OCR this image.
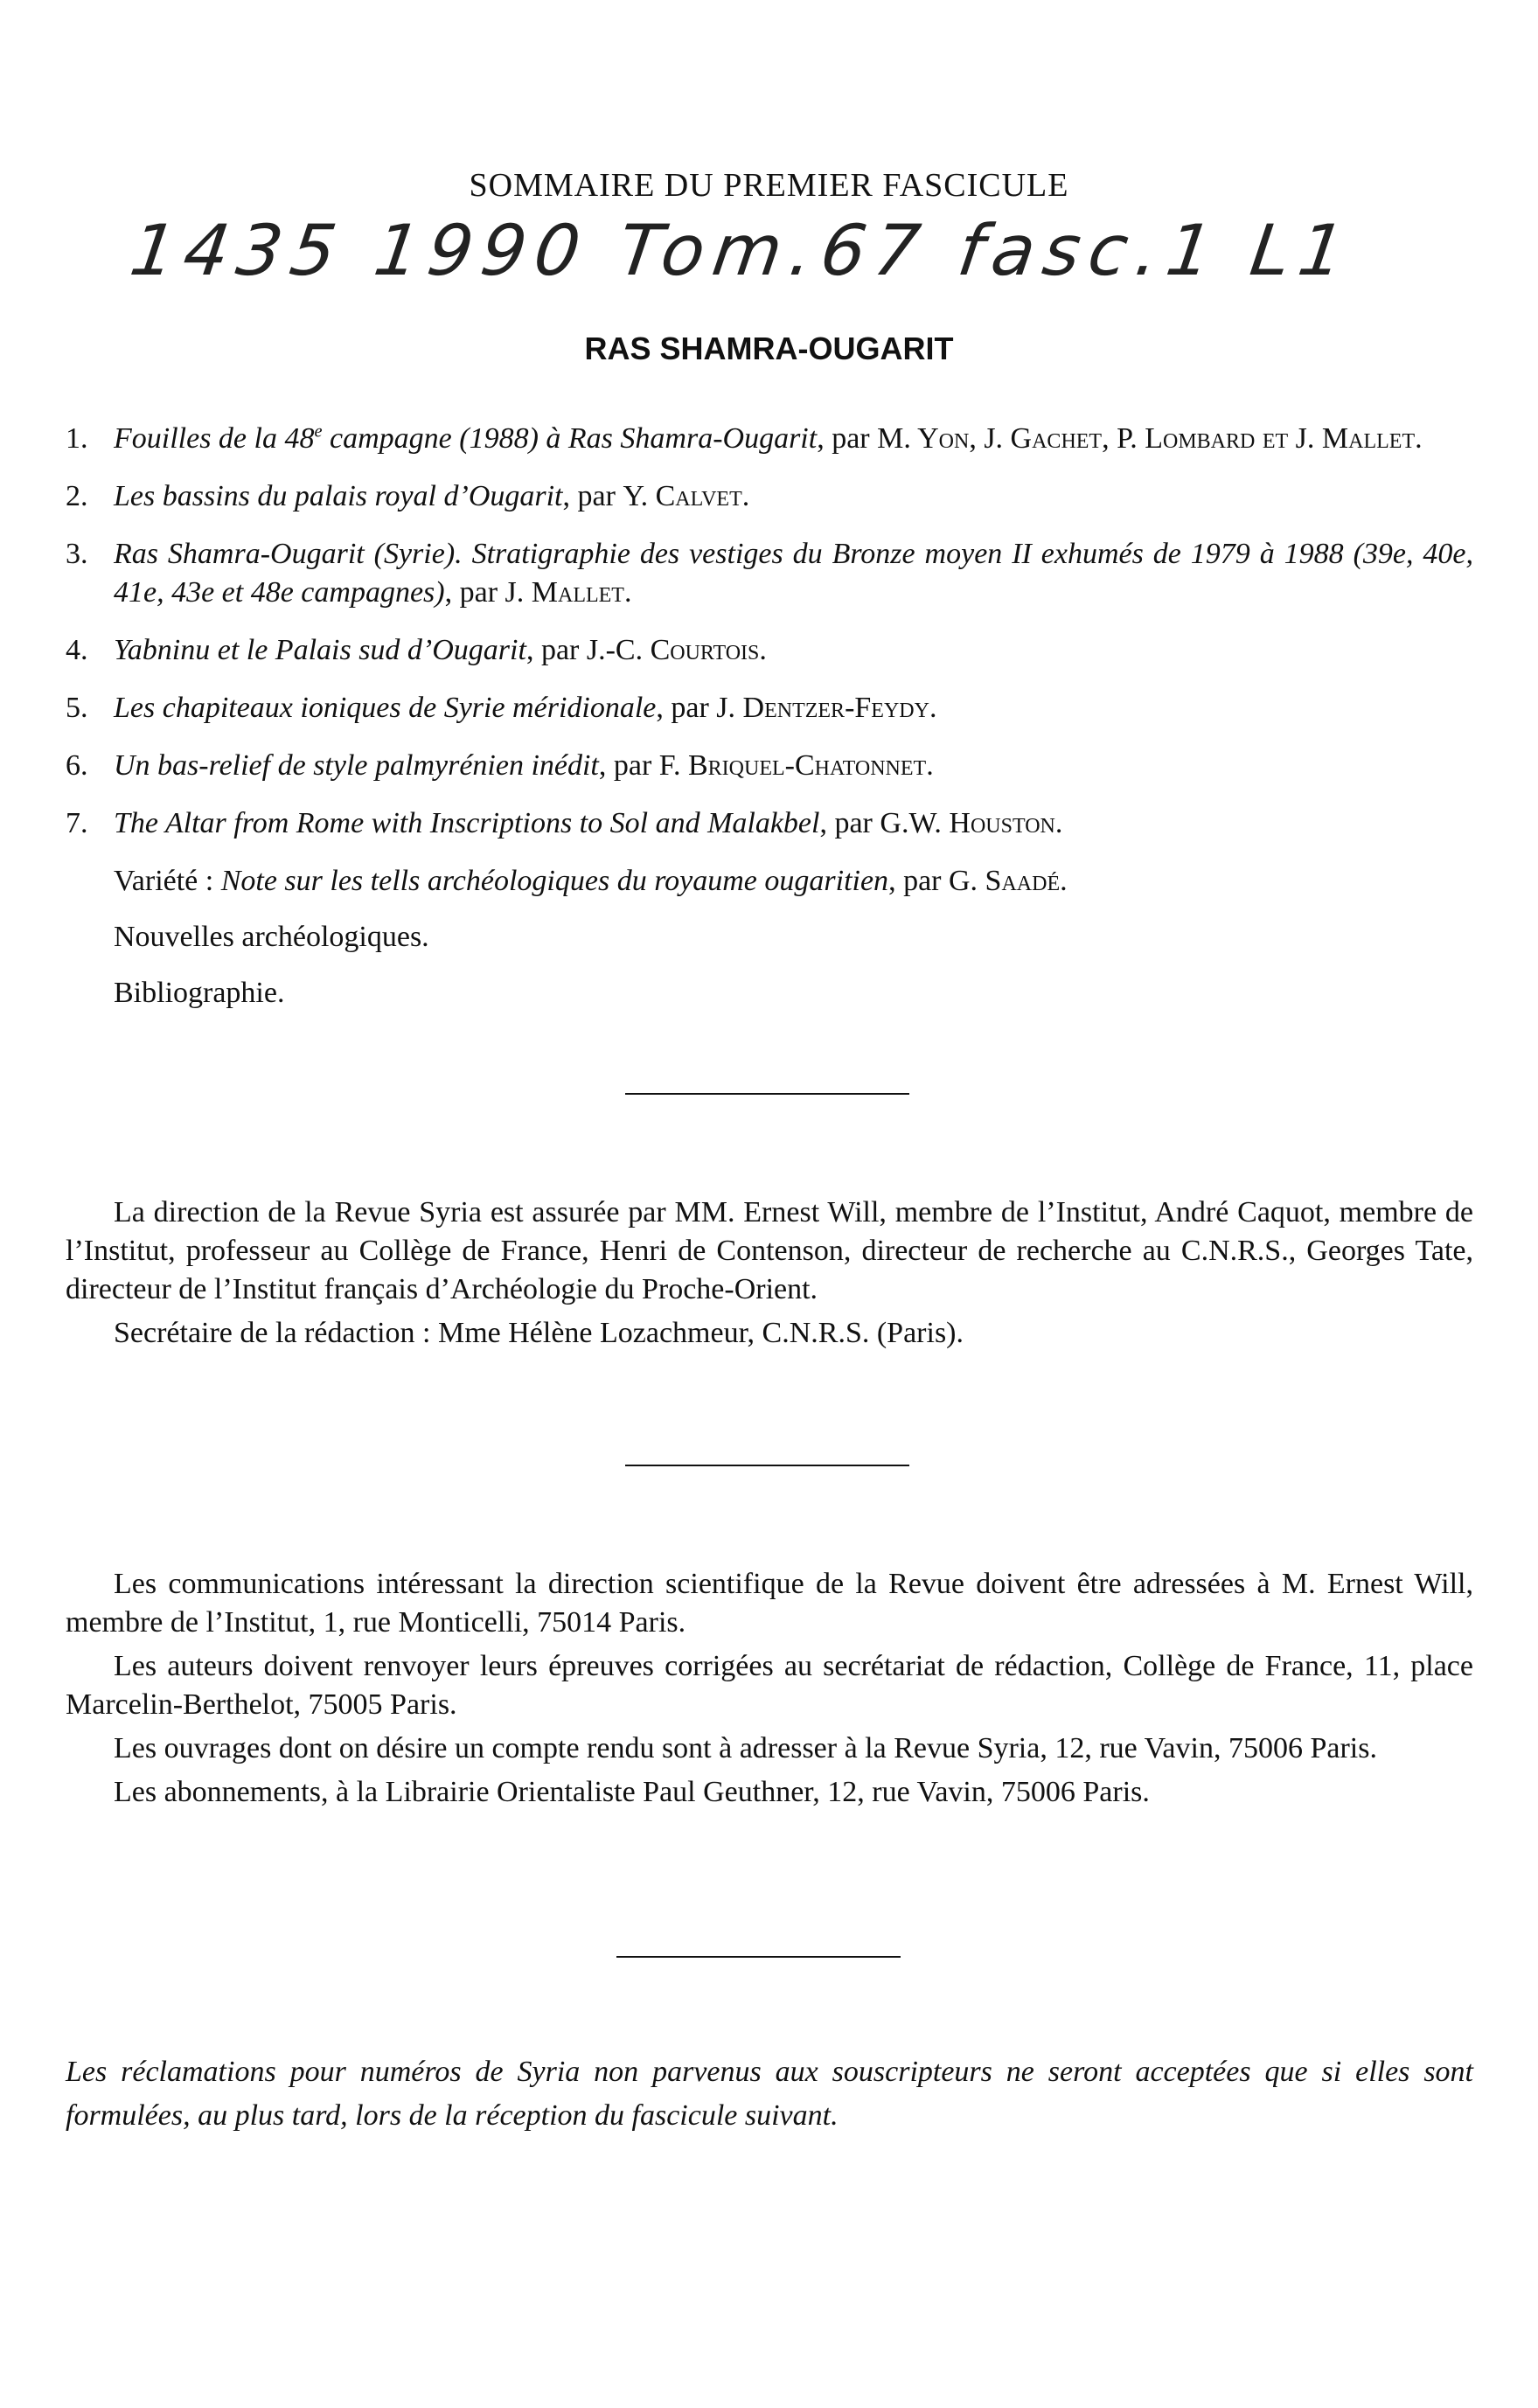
SOMMAIRE DU PREMIER FASCICULE
1435 1990 Tom.67 fasc.1 L1
RAS SHAMRA-OUGARIT
1. Fouilles de la 48e campagne (1988) à Ras Shamra-Ougarit, par M. Yon, J. Gachet, P. Lombard et J. Mallet.
2. Les bassins du palais royal d’Ougarit, par Y. Calvet.
3. Ras Shamra-Ougarit (Syrie). Stratigraphie des vestiges du Bronze moyen II exhumés de 1979 à 1988 (39e, 40e, 41e, 43e et 48e campagnes), par J. Mallet.
4. Yabninu et le Palais sud d’Ougarit, par J.-C. Courtois.
5. Les chapiteaux ioniques de Syrie méridionale, par J. Dentzer-Feydy.
6. Un bas-relief de style palmyrénien inédit, par F. Briquel-Chatonnet.
7. The Altar from Rome with Inscriptions to Sol and Malakbel, par G.W. Houston.
Variété : Note sur les tells archéologiques du royaume ougaritien, par G. Saadé.
Nouvelles archéologiques.
Bibliographie.

La direction de la Revue Syria est assurée par MM. Ernest Will, membre de l’Institut, André Caquot, membre de l’Institut, professeur au Collège de France, Henri de Contenson, directeur de recherche au C.N.R.S., Georges Tate, directeur de l’Institut français d’Archéologie du Proche-Orient.

Secrétaire de la rédaction : Mme Hélène Lozachmeur, C.N.R.S. (Paris).

Les communications intéressant la direction scientifique de la Revue doivent être adressées à M. Ernest Will, membre de l’Institut, 1, rue Monticelli, 75014 Paris.

Les auteurs doivent renvoyer leurs épreuves corrigées au secrétariat de rédaction, Collège de France, 11, place Marcelin-Berthelot, 75005 Paris.

Les ouvrages dont on désire un compte rendu sont à adresser à la Revue Syria, 12, rue Vavin, 75006 Paris.

Les abonnements, à la Librairie Orientaliste Paul Geuthner, 12, rue Vavin, 75006 Paris.

Les réclamations pour numéros de Syria non parvenus aux souscripteurs ne seront acceptées que si elles sont formulées, au plus tard, lors de la réception du fascicule suivant.
